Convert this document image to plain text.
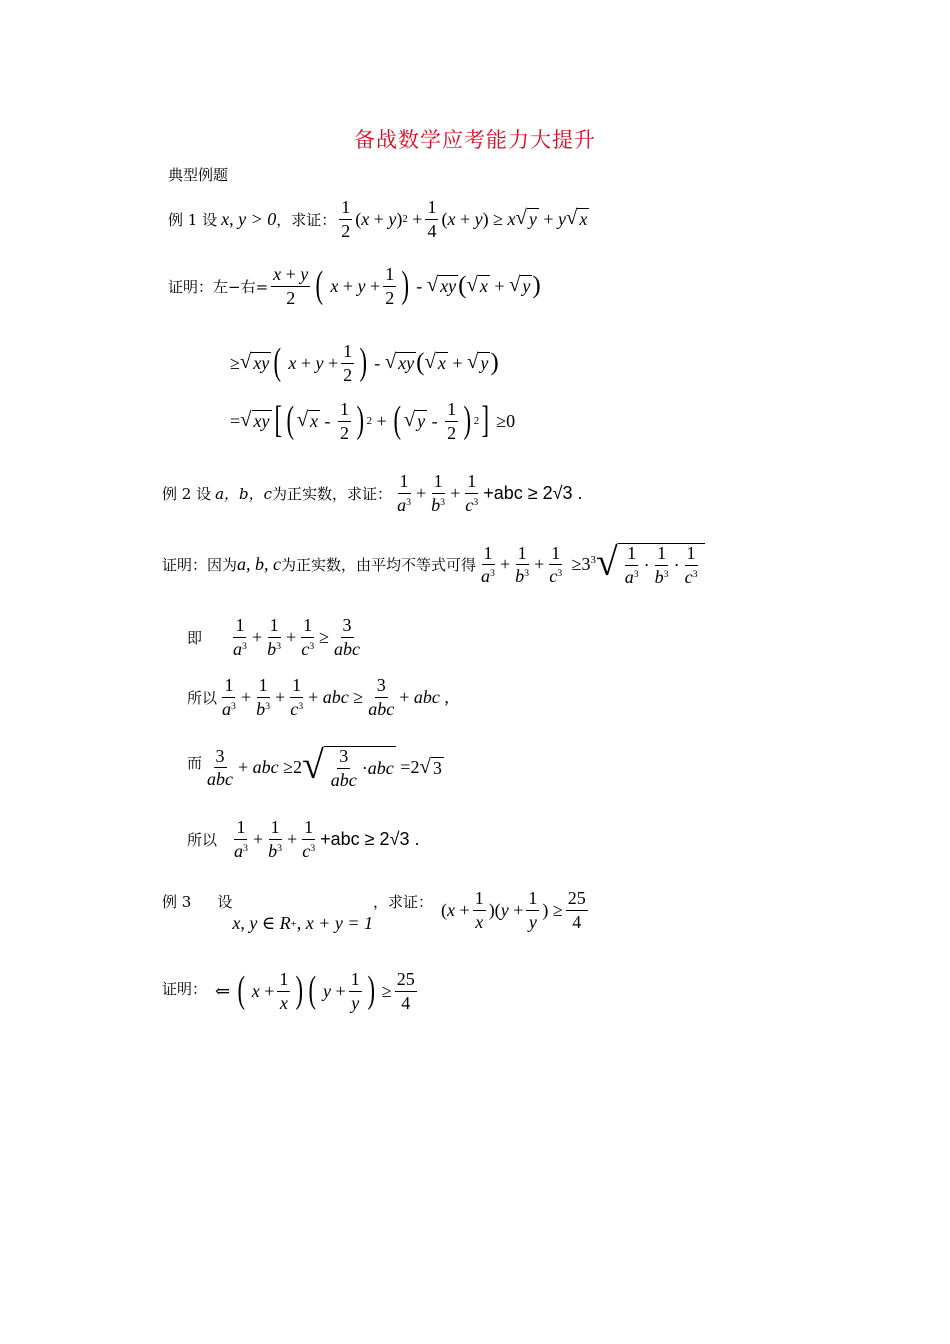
备战数学应考能力大提升
典型例题
例 1 设 x, y > 0 ，求证： $\frac{1}{2}$ ( x + y ) $2 + \frac{1}{4}$ ( x + y ) ≥ x √ y + y √ x
证明：左−右= $\frac{x + y}{2}$ (
$x + y + \frac{1}{2}$ ) - √ xy ( √ x + √ y )
≥ √ xy (
$x + y + \frac{1}{2}$ ) - √ xy ( √ x + √ y )
= √ xy [ ( √ x - $\frac{1}{2}$ ) 2 + ( √ y - $\frac{1}{2}$ ) 2 ]
≥0
例 2 设 a，b，c 为正实数，求证： $\frac{1}{a^3} + \frac{1}{b^3} + \frac{1}{c^3} +abc \ge 2√3$ .
证明：因为 a, b, c 为正实数，由平均不等式可得 $\frac{1}{a^3} + \frac{1}{b^3} + \frac{1}{c^3} \ge 3$ 3 √ $\frac{1}{a^3} \cdot \frac{1}{b^3} \cdot \frac{1}{c^3}$
即 $\frac{1}{a^3} + \frac{1}{b^3} + \frac{1}{c^3} \ge \frac{3}{\text{abc}}$
所以 $\frac{1}{a^3} + \frac{1}{b^3} + \frac{1}{c^3}$ + abc ≥ $\frac{3}{\text{abc}}$ + abc ,
而 $\frac{3}{\text{abc}}$ + abc ≥2 √ $\frac{3}{\text{abc}}$ · abc =2 √ 3
所以 $\frac{1}{a^3} + \frac{1}{b^3} + \frac{1}{c^3} +abc \ge 2√3$ .
例 3 设
x, y ∈ R + , x + y = 1
，求证： ( $x + \frac{1}{x}$ )( $y + \frac{1}{y}$ ) ≥ $\frac{25}{4}$
证明： ⇐
(
$x + \frac{1}{x}$ ) (
$y + \frac{1}{y}$ ) ≥ $\frac{25}{4}$
